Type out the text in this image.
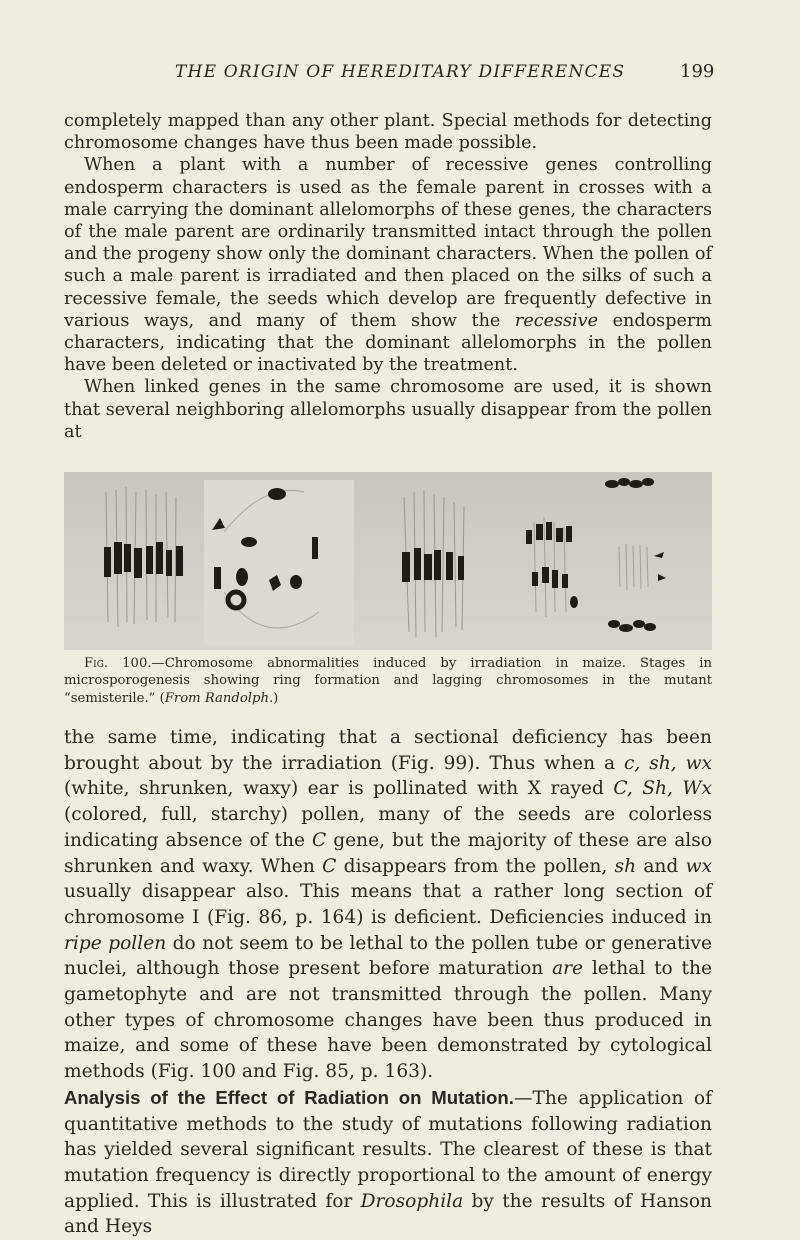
THE ORIGIN OF HEREDITARY DIFFERENCES	199

completely mapped than any other plant. Special methods for detecting chromosome changes have thus been made possible.

When a plant with a number of recessive genes controlling endosperm characters is used as the female parent in crosses with a male carrying the dominant allelomorphs of these genes, the characters of the male parent are ordinarily transmitted intact through the pollen and the progeny show only the dominant characters. When the pollen of such a male parent is irradiated and then placed on the silks of such a recessive female, the seeds which develop are frequently defective in various ways, and many of them show the recessive endosperm characters, indicating that the dominant allelomorphs in the pollen have been deleted or inactivated by the treatment.

When linked genes in the same chromosome are used, it is shown that several neighboring allelomorphs usually disappear from the pollen at

Fig. 100.—Chromosome abnormalities induced by irradiation in maize. Stages in microsporogenesis showing ring formation and lagging chromosomes in the mutant “semisterile.” (From Randolph.)

the same time, indicating that a sectional deficiency has been brought about by the irradiation (Fig. 99). Thus when a c, sh, wx (white, shrunken, waxy) ear is pollinated with X rayed C, Sh, Wx (colored, full, starchy) pollen, many of the seeds are colorless indicating absence of the C gene, but the majority of these are also shrunken and waxy. When C disappears from the pollen, sh and wx usually disappear also. This means that a rather long section of chromosome I (Fig. 86, p. 164) is deficient. Deficiencies induced in ripe pollen do not seem to be lethal to the pollen tube or generative nuclei, although those present before maturation are lethal to the gametophyte and are not transmitted through the pollen. Many other types of chromosome changes have been thus produced in maize, and some of these have been demonstrated by cytological methods (Fig. 100 and Fig. 85, p. 163).

Analysis of the Effect of Radiation on Mutation.—The application of quantitative methods to the study of mutations following radiation has yielded several significant results. The clearest of these is that mutation frequency is directly proportional to the amount of energy applied. This is illustrated for Drosophila by the results of Hanson and Heys
